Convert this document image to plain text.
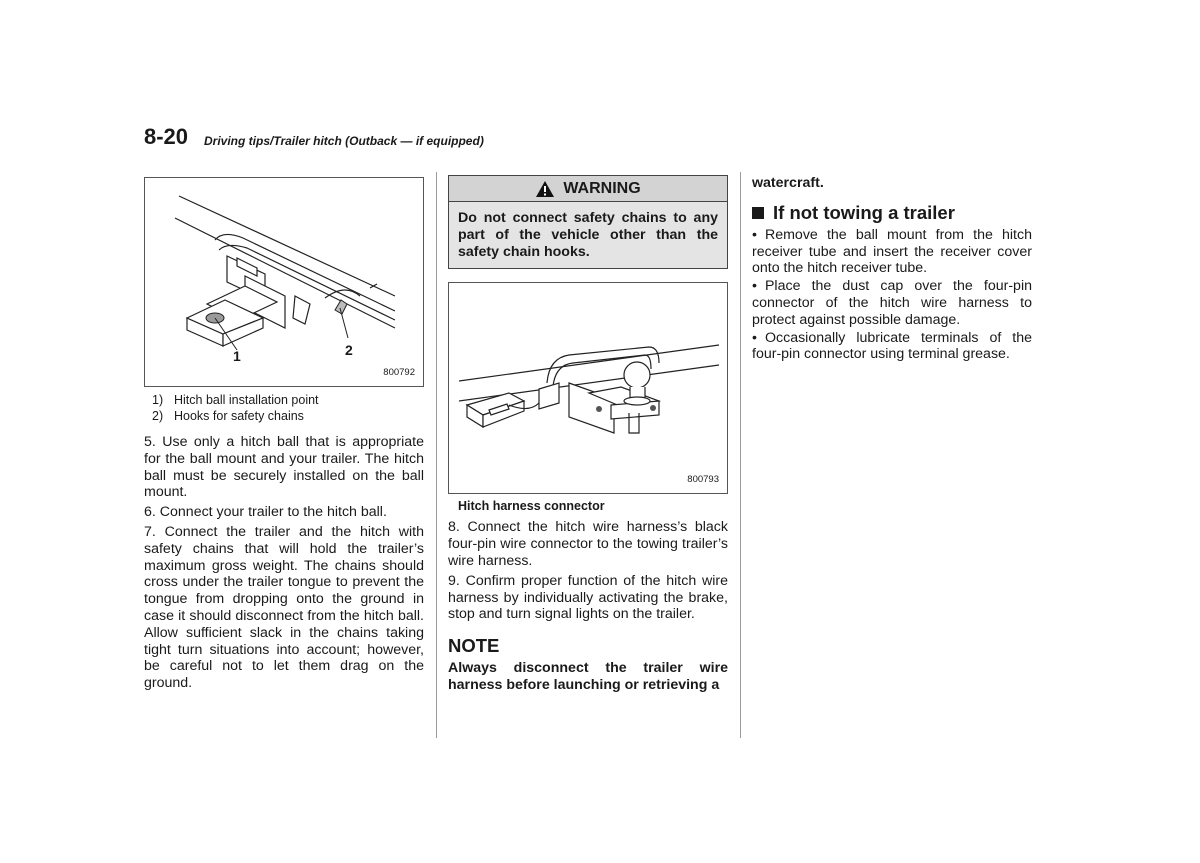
8-20 Driving tips/Trailer hitch (Outback — if equipped)
1	2
800792
1) Hitch ball installation point
2) Hooks for safety chains

5. Use only a hitch ball that is appropriate for the ball mount and your trailer. The hitch ball must be securely installed on the ball mount.

6. Connect your trailer to the hitch ball.

7. Connect the trailer and the hitch with safety chains that will hold the trailer’s maximum gross weight. The chains should cross under the trailer tongue to prevent the tongue from dropping onto the ground in case it should disconnect from the hitch ball. Allow sufficient slack in the chains taking tight turn situations into account; however, be careful not to let them drag on the ground.

WARNING
Do not connect safety chains to any part of the vehicle other than the safety chain hooks.
800793
Hitch harness connector

8. Connect the hitch wire harness’s black four-pin wire connector to the towing trailer’s wire harness.

9. Confirm proper function of the hitch wire harness by individually activating the brake, stop and turn signal lights on the trailer.

NOTE

Always disconnect the trailer wire harness before launching or retrieving a

watercraft.

If not towing a trailer

• Remove the ball mount from the hitch receiver tube and insert the receiver cover onto the hitch receiver tube.

• Place the dust cap over the four-pin connector of the hitch wire harness to protect against possible damage.

• Occasionally lubricate terminals of the four-pin connector using terminal grease.
